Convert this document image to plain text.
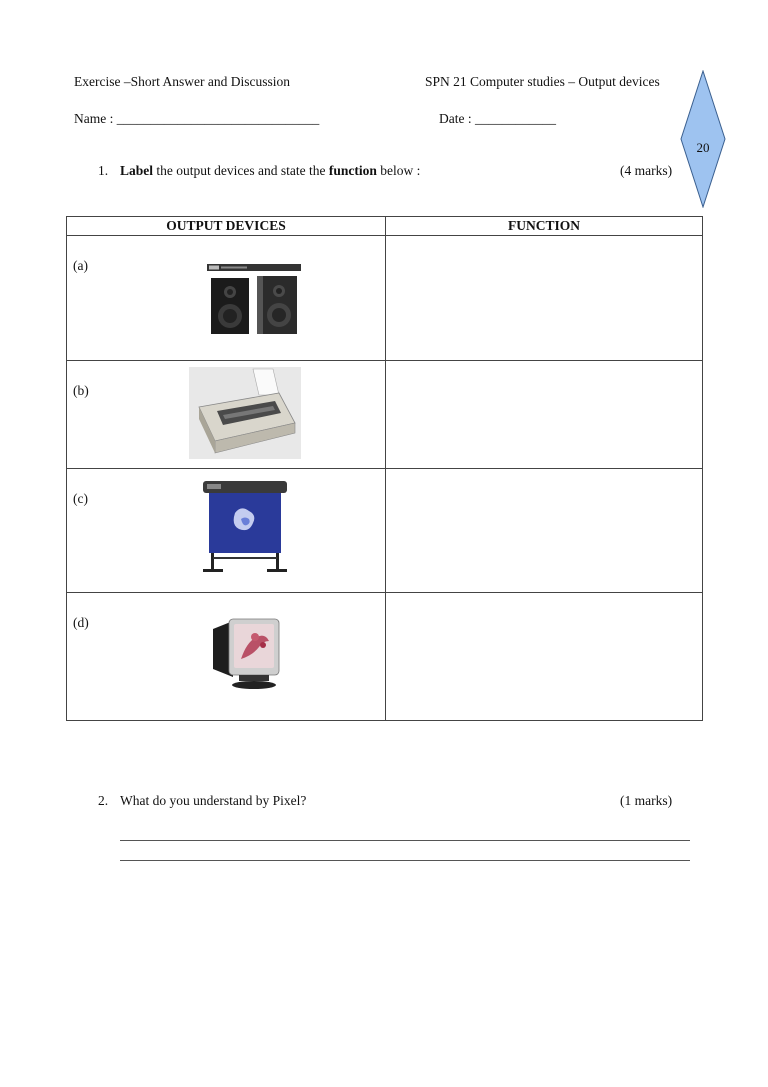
Exercise –Short Answer and Discussion	SPN 21 Computer studies – Output devices
Name : ______________________________	Date : ____________
20
1. Label the output devices and state the function below :	(4 marks)
OUTPUT DEVICES	FUNCTION

(a)	

(b)	

(c)	

(d)	

2. What do you understand by Pixel?	(1 marks)
